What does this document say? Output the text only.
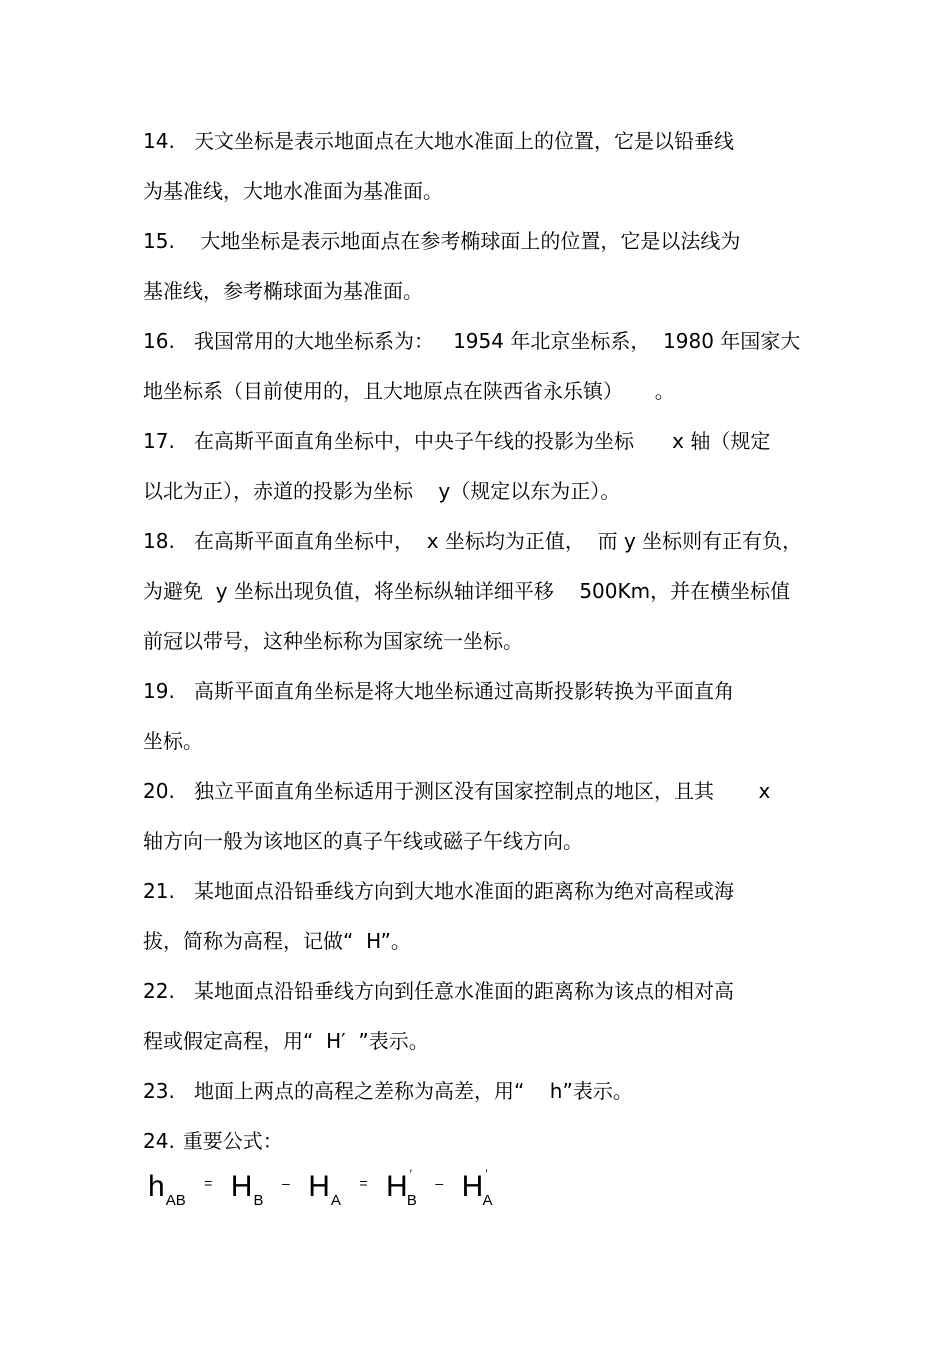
14. 天文坐标是表示地面点在大地水准面上的位置，它是以铅垂线
为基准线，大地水准面为基准面。
15. 大地坐标是表示地面点在参考椭球面上的位置，它是以法线为
基准线，参考椭球面为基准面。
16. 我国常用的大地坐标系为：   1954 年北京坐标系，  1980 年国家大
地坐标系（目前使用的，且大地原点在陕西省永乐镇）     。
17. 在高斯平面直角坐标中，中央子午线的投影为坐标      x 轴（规定
以北为正），赤道的投影为坐标    y（规定以东为正）。
18. 在高斯平面直角坐标中，  x 坐标均为正值，  而 y 坐标则有正有负，
为避免  y 坐标出现负值，将坐标纵轴详细平移    500Km，并在横坐标值
前冠以带号，这种坐标称为国家统一坐标。
19. 高斯平面直角坐标是将大地坐标通过高斯投影转换为平面直角
坐标。
20. 独立平面直角坐标适用于测区没有国家控制点的地区，且其       x
轴方向一般为该地区的真子午线或磁子午线方向。
21. 某地面点沿铅垂线方向到大地水准面的距离称为绝对高程或海
拔，简称为高程，记做“  H”。
22. 某地面点沿铅垂线方向到任意水准面的距离称为该点的相对高
程或假定高程，用“  H′  ”表示。
23. 地面上两点的高程之差称为高差，用“    h”表示。
24. 重要公式：
hAB = HB – HA = H ′B – H ′A
